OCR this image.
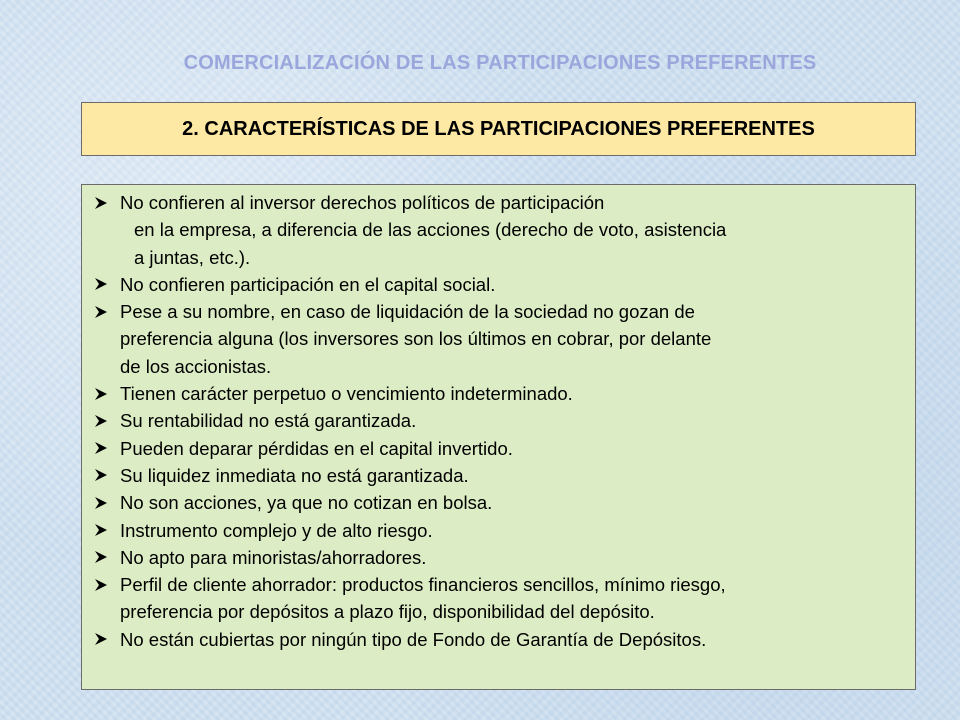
COMERCIALIZACIÓN DE LAS PARTICIPACIONES PREFERENTES
2. CARACTERÍSTICAS DE LAS PARTICIPACIONES PREFERENTES
No confieren al inversor derechos políticos de participación
en la empresa, a diferencia de las acciones (derecho de voto, asistencia
a juntas, etc.).
No confieren participación en el capital social.
Pese a su nombre, en caso de liquidación de la sociedad no gozan de
preferencia alguna (los inversores son los últimos en cobrar, por delante
de los accionistas.
Tienen carácter perpetuo o vencimiento indeterminado.
Su rentabilidad no está garantizada.
Pueden deparar pérdidas en el capital invertido.
Su liquidez inmediata no está garantizada.
No son acciones, ya que no cotizan en bolsa.
Instrumento complejo y de alto riesgo.
No apto para minoristas/ahorradores.
Perfil de cliente ahorrador: productos financieros sencillos, mínimo riesgo,
preferencia por depósitos a plazo fijo, disponibilidad del depósito.
No están cubiertas por ningún tipo de Fondo de Garantía de Depósitos.
